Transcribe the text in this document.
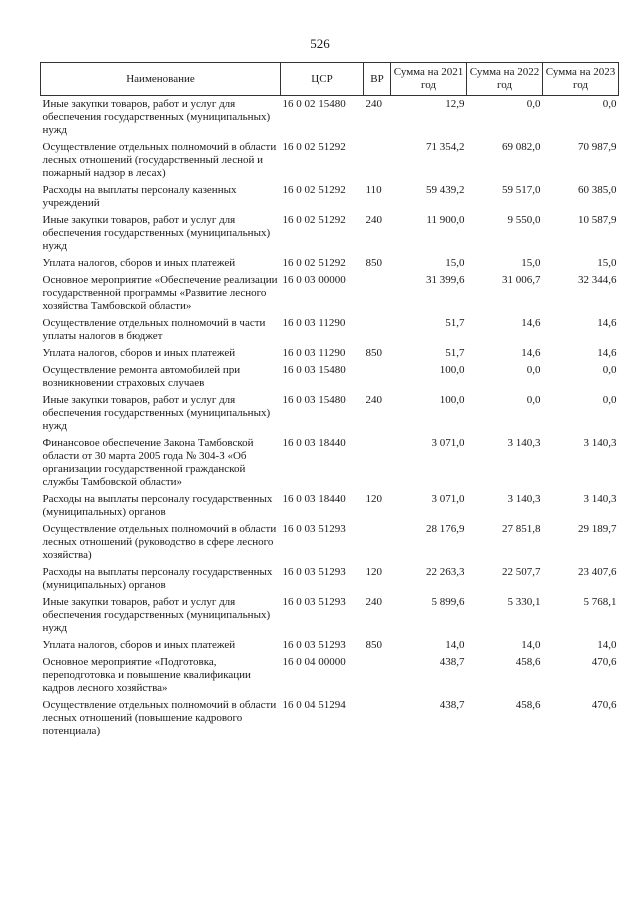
526
Наименование	ЦСР	ВР	Сумма на 2021 год	Сумма на 2022 год	Сумма на 2023 год
Иные закупки товаров, работ и услуг для обеспечения государственных (муниципальных) нужд	16 0 02 15480	240	12,9	0,0	0,0
Осуществление отдельных полномочий в области лесных отношений (государственный лесной и пожарный надзор в лесах)	16 0 02 51292		71 354,2	69 082,0	70 987,9
Расходы на выплаты персоналу казенных учреждений	16 0 02 51292	110	59 439,2	59 517,0	60 385,0
Иные закупки товаров, работ и услуг для обеспечения государственных (муниципальных) нужд	16 0 02 51292	240	11 900,0	9 550,0	10 587,9
Уплата налогов, сборов и иных платежей	16 0 02 51292	850	15,0	15,0	15,0
Основное мероприятие «Обеспечение реализации государственной программы «Развитие лесного хозяйства Тамбовской области»	16 0 03 00000		31 399,6	31 006,7	32 344,6
Осуществление отдельных полномочий в части уплаты налогов в бюджет	16 0 03 11290		51,7	14,6	14,6
Уплата налогов, сборов и иных платежей	16 0 03 11290	850	51,7	14,6	14,6
Осуществление ремонта автомобилей при возникновении страховых случаев	16 0 03 15480		100,0	0,0	0,0
Иные закупки товаров, работ и услуг для обеспечения государственных (муниципальных) нужд	16 0 03 15480	240	100,0	0,0	0,0
Финансовое обеспечение Закона Тамбовской области от 30 марта 2005 года № 304-З «Об организации государственной гражданской службы Тамбовской области»	16 0 03 18440		3 071,0	3 140,3	3 140,3
Расходы на выплаты персоналу государственных (муниципальных) органов	16 0 03 18440	120	3 071,0	3 140,3	3 140,3
Осуществление отдельных полномочий в области лесных отношений (руководство в сфере лесного хозяйства)	16 0 03 51293		28 176,9	27 851,8	29 189,7
Расходы на выплаты персоналу государственных (муниципальных) органов	16 0 03 51293	120	22 263,3	22 507,7	23 407,6
Иные закупки товаров, работ и услуг для обеспечения государственных (муниципальных) нужд	16 0 03 51293	240	5 899,6	5 330,1	5 768,1
Уплата налогов, сборов и иных платежей	16 0 03 51293	850	14,0	14,0	14,0
Основное мероприятие «Подготовка, переподготовка и повышение квалификации кадров лесного хозяйства»	16 0 04 00000		438,7	458,6	470,6
Осуществление отдельных полномочий в области лесных отношений (повышение кадрового потенциала)	16 0 04 51294		438,7	458,6	470,6
